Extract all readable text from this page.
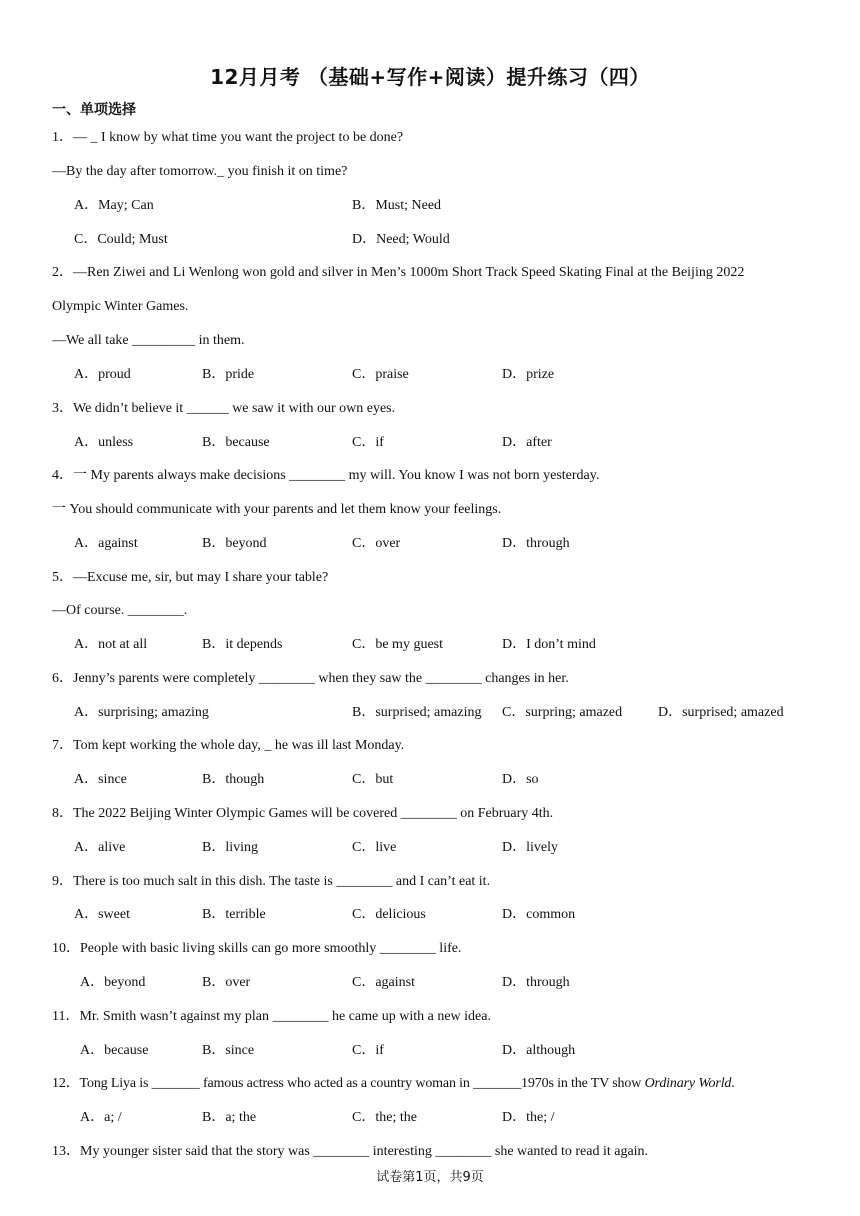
12月月考 （基础+写作+阅读）提升练习（四）
一、单项选择
1．— _ I know by what time you want the project to be done?
—By the day after tomorrow._ you finish it on time?
A．May; Can	B．Must; Need
C．Could; Must	D．Need; Would
2．—Ren Ziwei and Li Wenlong won gold and silver in Men’s 1000m Short Track Speed Skating Final at the Beijing 2022
Olympic Winter Games.
—We all take _________ in them.
A．proud	B．pride	C．praise	D．prize
3．We didn’t believe it ______ we saw it with our own eyes.
A．unless	B．because	C．if	D．after
4．一 My parents always make decisions ________ my will. You know I was not born yesterday.
一 You should communicate with your parents and let them know your feelings.
A．against	B．beyond	C．over	D．through
5．—Excuse me, sir, but may I share your table?
—Of course. ________.
A．not at all	B．it depends	C．be my guest	D．I don’t mind
6．Jenny’s parents were completely ________ when they saw the ________ changes in her.
A．surprising; amazing	B．surprised; amazing C．surpring; amazed	D．surprised; amazed
7．Tom kept working the whole day, _ he was ill last Monday.
A．since	B．though	C．but	D．so
8．The 2022 Beijing Winter Olympic Games will be covered ________ on February 4th.
A．alive	B．living	C．live	D．lively
9．There is too much salt in this dish. The taste is ________ and I can’t eat it.
A．sweet	B．terrible	C．delicious	D．common
10．People with basic living skills can go more smoothly ________ life.
A．beyond	B．over	C．against	D．through
11．Mr. Smith wasn’t against my plan ________ he came up with a new idea.
A．because	B．since	C．if	D．although
12．Tong Liya is _______ famous actress who acted as a country woman in _______1970s in the TV show Ordinary World.
A．a; /	B．a; the	C．the; the	D．the; /
13．My younger sister said that the story was ________ interesting ________ she wanted to read it again.
试卷第1页，共9页
